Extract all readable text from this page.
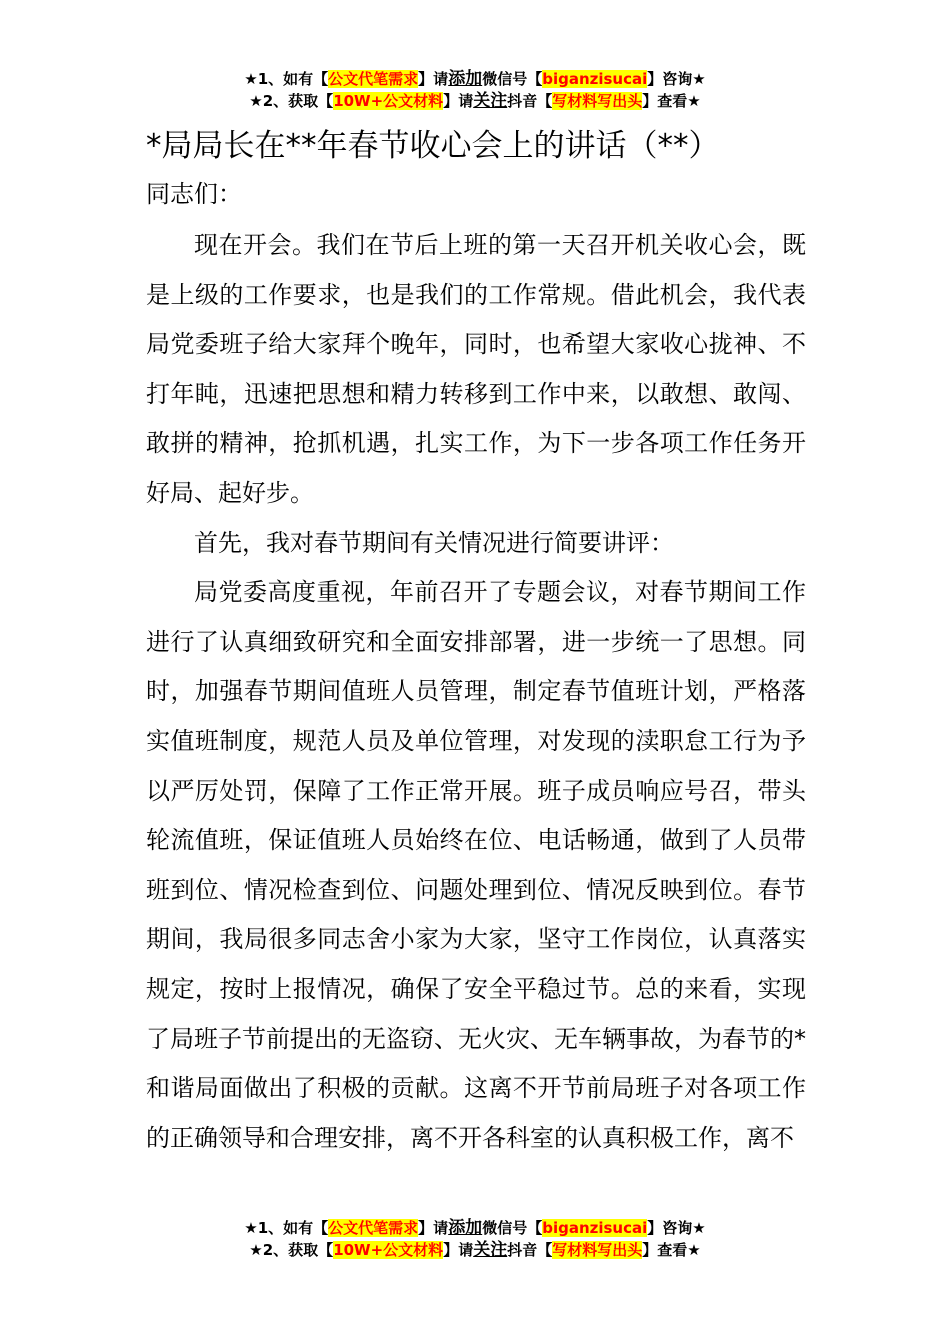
★1、如有【公文代笔需求】请添加微信号【biganzisucai】咨询★
★2、获取【10W+公文材料】请关注抖音【写材料写出头】查看★
*局局长在**年春节收心会上的讲话（**）
同志们：

现在开会。我们在节后上班的第一天召开机关收心会，既是上级的工作要求，也是我们的工作常规。借此机会，我代表局党委班子给大家拜个晚年，同时，也希望大家收心拢神、不打年盹，迅速把思想和精力转移到工作中来，以敢想、敢闯、敢拼的精神，抢抓机遇，扎实工作，为下一步各项工作任务开好局、起好步。

首先，我对春节期间有关情况进行简要讲评：

局党委高度重视，年前召开了专题会议，对春节期间工作进行了认真细致研究和全面安排部署，进一步统一了思想。同时，加强春节期间值班人员管理，制定春节值班计划，严格落实值班制度，规范人员及单位管理，对发现的渎职怠工行为予以严厉处罚，保障了工作正常开展。班子成员响应号召，带头轮流值班，保证值班人员始终在位、电话畅通，做到了人员带班到位、情况检查到位、问题处理到位、情况反映到位。春节期间，我局很多同志舍小家为大家，坚守工作岗位，认真落实规定，按时上报情况，确保了安全平稳过节。总的来看，实现了局班子节前提出的无盗窃、无火灾、无车辆事故，为春节的*和谐局面做出了积极的贡献。这离不开节前局班子对各项工作的正确领导和合理安排，离不开各科室的认真积极工作，离不

★1、如有【公文代笔需求】请添加微信号【biganzisucai】咨询★
★2、获取【10W+公文材料】请关注抖音【写材料写出头】查看★
